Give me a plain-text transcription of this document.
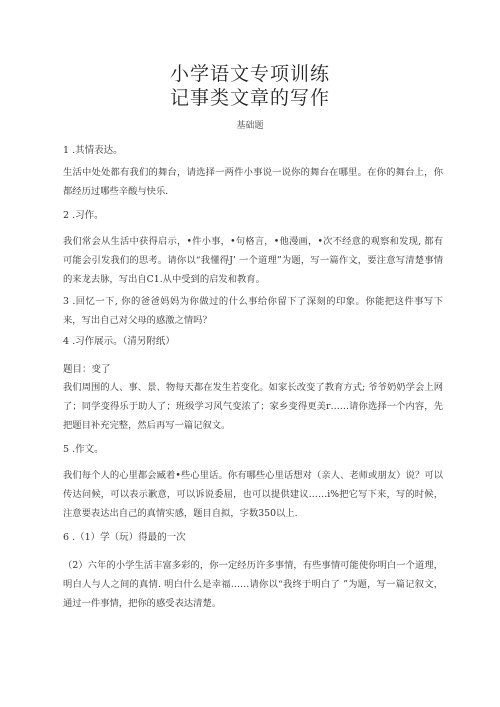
小学语文专项训练
记事类文章的写作
基础题
1 .其情表达。

生活中处处都有我们的舞台，请选择一两件小事说一说你的舞台在哪里。在你的舞台上，你都经历过哪些辛酸与快乐.

2 .习作。

我们常会从生活中获得启示，•件小事，•句格言，•他漫画，•次不经意的观察和发现, 都有可能会引发我们的思考。请你以“我懂得J’ 一个道理”为题，写一篇作文，要注意写清楚事情的来龙去脉，写出自C1.从中受到的启发和教育。

3 .回忆一下, 你的爸爸妈妈为你做过的什么事给你留下了深刻的印象。你能把这件事写下来，写出自己对父母的感激之情吗？

4 .习作展示。（清另附纸）
题目：变了

我们周围的人、事、景、物每天都在发生若变化。如家长改变了教育方式; 爷爷奶奶学会上网了；同学变得乐于助人了；班级学习风气变浓了；家乡变得更美r……请你选择一个内容，先把题目补充完整，然后再写一篇记叙文。

5 .作文。

我们每个人的心里都会臧着•些心里话。你有哪些心里话想对（亲人、老师或朋友）说？可以传达问候，可以表示歉意，可以诉说委屈，也可以提供建议……i%把它写下来，写的时候，注意要表达出自己的真情实感，题目自拟，字数350以上.

6 .（1）学（玩）得最的一次

（2）六年的小学生活丰富多彩的，你一定经历许多事情，有些事情可能使你明白一个道理，明白人与人之间的真情. 明白什么是幸福……请你以“我终于明白了 ”为题，写一篇记叙文，通过一件事情，把你的感受表达清楚。
